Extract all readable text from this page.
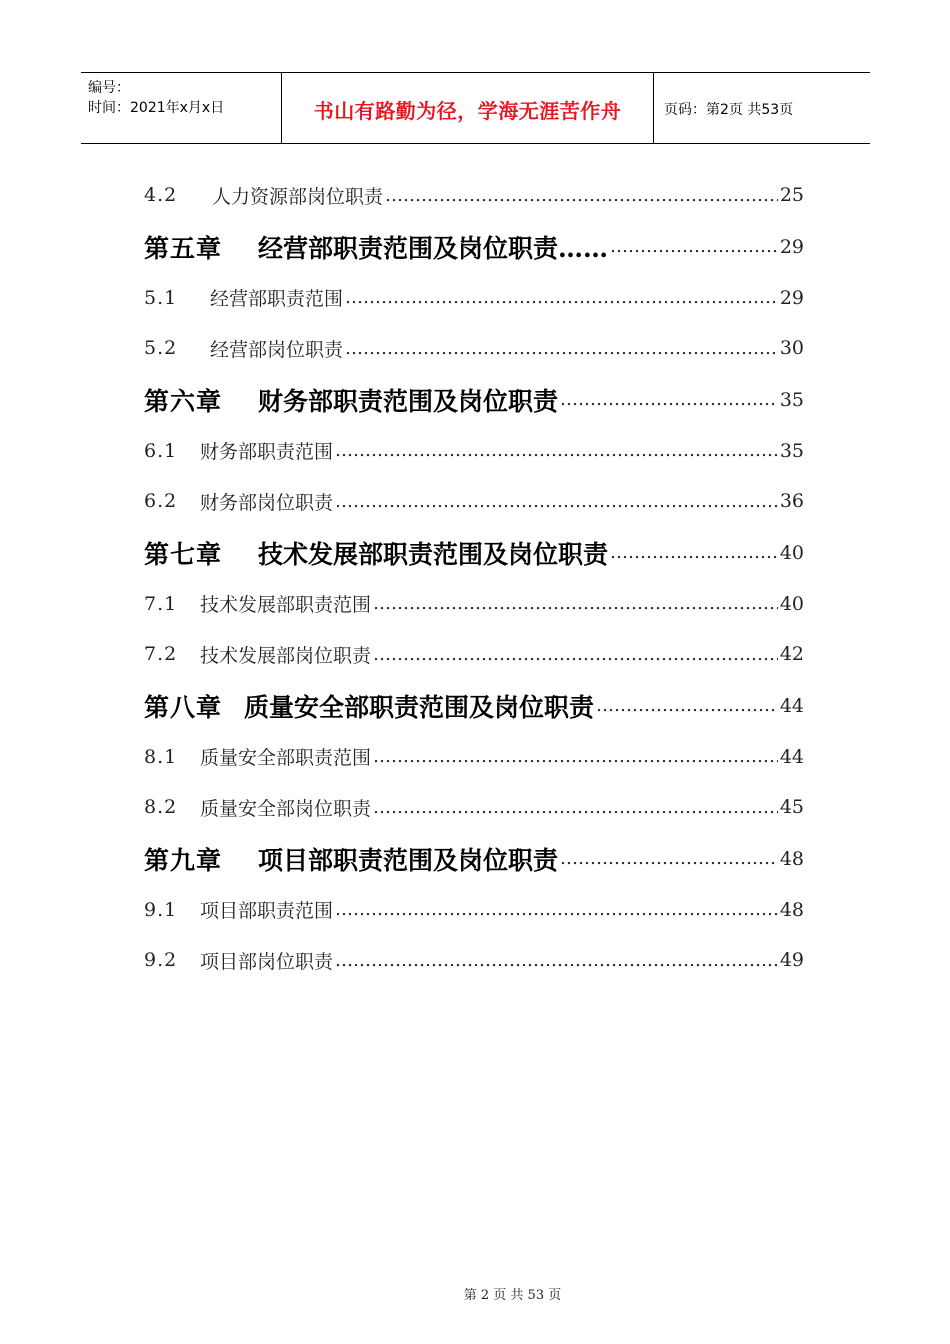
编号：
时间：2021年x月x日	书山有路勤为径，学海无涯苦作舟	页码：第2页 共53页
4.2	人力资源部岗位职责 ……………………………………………………………………………………………………………………	25
第五章	经营部职责范围及岗位职责…… ……………………………………………………………………………………………………………………	29
5.1	经营部职责范围 ……………………………………………………………………………………………………………………	29
5.2	经营部岗位职责 ……………………………………………………………………………………………………………………	30
第六章	财务部职责范围及岗位职责 ……………………………………………………………………………………………………………………	35
6.1	财务部职责范围 ……………………………………………………………………………………………………………………	35
6.2	财务部岗位职责 ……………………………………………………………………………………………………………………	36
第七章	技术发展部职责范围及岗位职责 ……………………………………………………………………………………………………………………	40
7.1	技术发展部职责范围 ……………………………………………………………………………………………………………………	40
7.2	技术发展部岗位职责 ……………………………………………………………………………………………………………………	42
第八章 质量安全部职责范围及岗位职责 ……………………………………………………………………………………………………………………	44
8.1	质量安全部职责范围 ……………………………………………………………………………………………………………………	44
8.2	质量安全部岗位职责 ……………………………………………………………………………………………………………………	45
第九章	项目部职责范围及岗位职责 ……………………………………………………………………………………………………………………	48
9.1	项目部职责范围 ……………………………………………………………………………………………………………………	48
9.2	项目部岗位职责 ……………………………………………………………………………………………………………………	49
第 2 页 共 53 页
